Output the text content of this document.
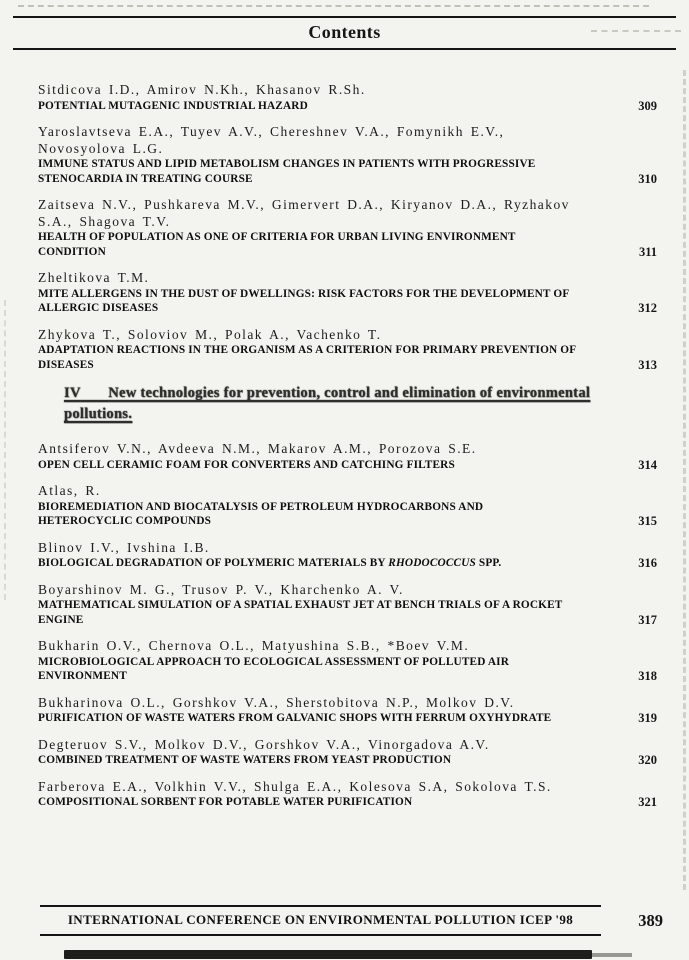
Contents
Sitdicova I.D., Amirov N.Kh., Khasanov R.Sh.
POTENTIAL MUTAGENIC INDUSTRIAL HAZARD	309
Yaroslavtseva E.A., Tuyev A.V., Chereshnev V.A., Fomynikh E.V., Novosyolova L.G.
IMMUNE STATUS AND LIPID METABOLISM CHANGES IN PATIENTS WITH PROGRESSIVE STENOCARDIA IN TREATING COURSE	310
Zaitseva N.V., Pushkareva M.V., Gimervert D.A., Kiryanov D.A., Ryzhakov S.A., Shagova T.V.
HEALTH OF POPULATION AS ONE OF CRITERIA FOR URBAN LIVING ENVIRONMENT CONDITION	311
Zheltikova T.M.
MITE ALLERGENS IN THE DUST OF DWELLINGS: RISK FACTORS FOR THE DEVELOPMENT OF ALLERGIC DISEASES	312
Zhykova T., Soloviov M., Polak A., Vachenko T.
ADAPTATION REACTIONS IN THE ORGANISM AS A CRITERION FOR PRIMARY PREVENTION OF DISEASES	313
IV New technologies for prevention, control and elimination of environmental pollutions.
Antsiferov V.N., Avdeeva N.M., Makarov A.M., Porozova S.E.
OPEN CELL CERAMIC FOAM FOR CONVERTERS AND CATCHING FILTERS	314
Atlas, R.
BIOREMEDIATION AND BIOCATALYSIS OF PETROLEUM HYDROCARBONS AND HETEROCYCLIC COMPOUNDS	315
Blinov I.V., Ivshina I.B.
BIOLOGICAL DEGRADATION OF POLYMERIC MATERIALS BY RHODOCOCCUS SPP.	316
Boyarshinov M. G., Trusov P. V., Kharchenko A. V.
MATHEMATICAL SIMULATION OF A SPATIAL EXHAUST JET AT BENCH TRIALS OF A ROCKET ENGINE	317
Bukharin O.V., Chernova O.L., Matyushina S.B., *Boev V.M.
MICROBIOLOGICAL APPROACH TO ECOLOGICAL ASSESSMENT OF POLLUTED AIR ENVIRONMENT	318
Bukharinova O.L., Gorshkov V.A., Sherstobitova N.P., Molkov D.V.
PURIFICATION OF WASTE WATERS FROM GALVANIC SHOPS WITH FERRUM OXYHYDRATE	319
Degteruov S.V., Molkov D.V., Gorshkov V.A., Vinorgadova A.V.
COMBINED TREATMENT OF WASTE WATERS FROM YEAST PRODUCTION	320
Farberova E.A., Volkhin V.V., Shulga E.A., Kolesova S.A, Sokolova T.S.
COMPOSITIONAL SORBENT FOR POTABLE WATER PURIFICATION	321
INTERNATIONAL CONFERENCE ON ENVIRONMENTAL POLLUTION ICEP '98	389
